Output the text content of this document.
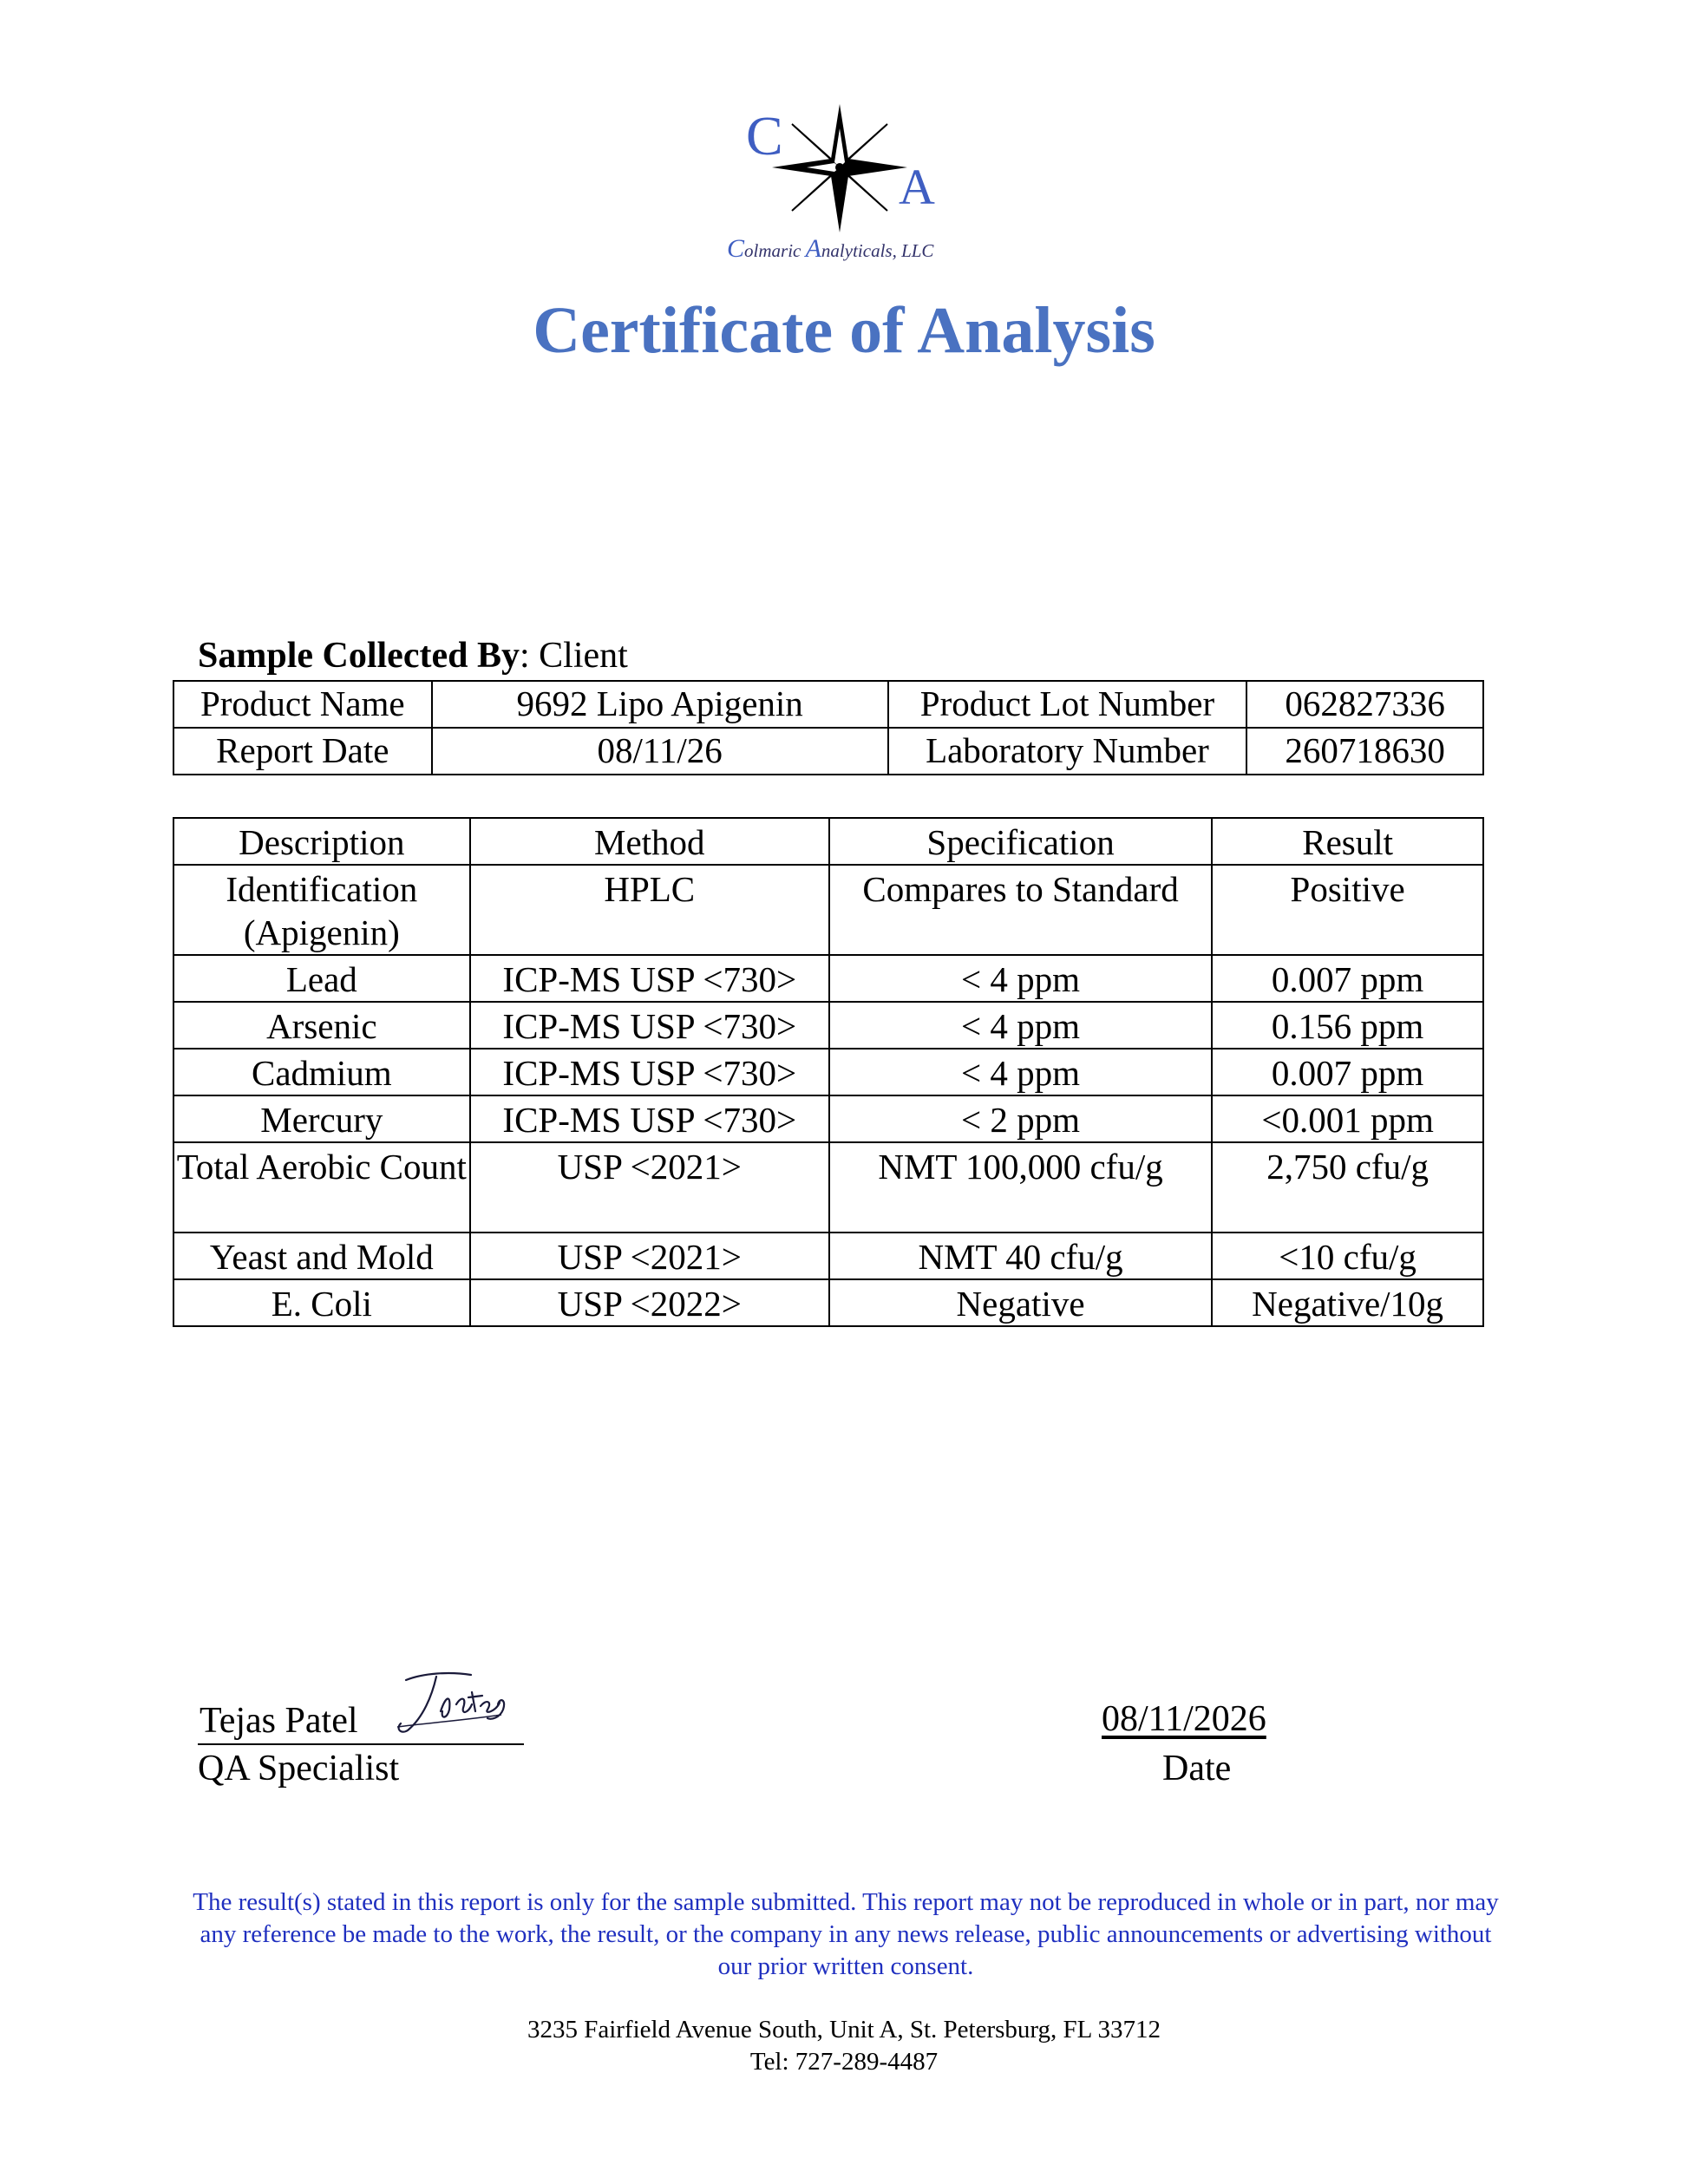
C
A
Colmaric Analyticals, LLC
Certificate of Analysis
Sample Collected By: Client
Product Name	9692 Lipo Apigenin	Product Lot Number	062827336
Report Date	08/11/26	Laboratory Number	260718630
Description	Method	Specification	Result
Identification (Apigenin)	HPLC	Compares to Standard	Positive
Lead	ICP-MS USP <730>	< 4 ppm	0.007 ppm
Arsenic	ICP-MS USP <730>	< 4 ppm	0.156 ppm
Cadmium	ICP-MS USP <730>	< 4 ppm	0.007 ppm
Mercury	ICP-MS USP <730>	< 2 ppm	<0.001 ppm
Total Aerobic Count	USP <2021>	NMT 100,000 cfu/g	2,750 cfu/g
Yeast and Mold	USP <2021>	NMT 40 cfu/g	<10 cfu/g
E. Coli	USP <2022>	Negative	Negative/10g
Tejas Patel
QA Specialist
08/11/2026
Date
The result(s) stated in this report is only for the sample submitted. This report may not be reproduced in whole or in part, nor may any reference be made to the work, the result, or the company in any news release, public announcements or advertising without our prior written consent.
3235 Fairfield Avenue South, Unit A, St. Petersburg, FL 33712
Tel: 727-289-4487
